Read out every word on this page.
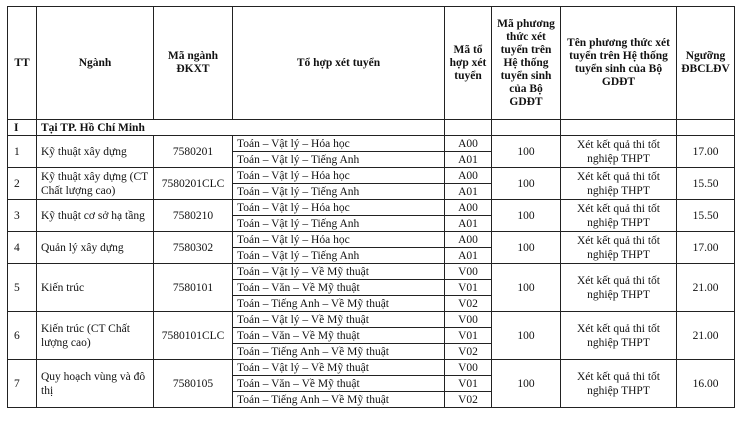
TT	Ngành	Mã ngành ĐKXT	Tổ hợp xét tuyển	Mã tổ hợp xét tuyển	Mã phương thức xét tuyển trên Hệ thống tuyển sinh của Bộ GDĐT	Tên phương thức xét tuyển trên Hệ thống tuyển sinh của Bộ GDĐT	Ngưỡng ĐBCLĐV
I	Tại TP. Hồ Chí Minh						
1	Kỹ thuật xây dựng	7580201	Toán – Vật lý – Hóa học	A00	100	Xét kết quả thi tốt nghiệp THPT	17.00
			Toán – Vật lý – Tiếng Anh	A01			
2	Kỹ thuật xây dựng (CT Chất lượng cao)	7580201CLC	Toán – Vật lý – Hóa học	A00	100	Xét kết quả thi tốt nghiệp THPT	15.50
			Toán – Vật lý – Tiếng Anh	A01			
3	Kỹ thuật cơ sở hạ tầng	7580210	Toán – Vật lý – Hóa học	A00	100	Xét kết quả thi tốt nghiệp THPT	15.50
			Toán – Vật lý – Tiếng Anh	A01			
4	Quản lý xây dựng	7580302	Toán – Vật lý – Hóa học	A00	100	Xét kết quả thi tốt nghiệp THPT	17.00
			Toán – Vật lý – Tiếng Anh	A01			
5	Kiến trúc	7580101	Toán – Vật lý – Về Mỹ thuật	V00	100	Xét kết quả thi tốt nghiệp THPT	21.00
			Toán – Văn – Về Mỹ thuật	V01			
			Toán – Tiếng Anh – Về Mỹ thuật	V02			
6	Kiến trúc (CT Chất lượng cao)	7580101CLC	Toán – Vật lý – Về Mỹ thuật	V00	100	Xét kết quả thi tốt nghiệp THPT	21.00
			Toán – Văn – Về Mỹ thuật	V01			
			Toán – Tiếng Anh – Về Mỹ thuật	V02			
7	Quy hoạch vùng và đô thị	7580105	Toán – Vật lý – Về Mỹ thuật	V00	100	Xét kết quả thi tốt nghiệp THPT	16.00
			Toán – Văn – Về Mỹ thuật	V01			
			Toán – Tiếng Anh – Về Mỹ thuật	V02			
